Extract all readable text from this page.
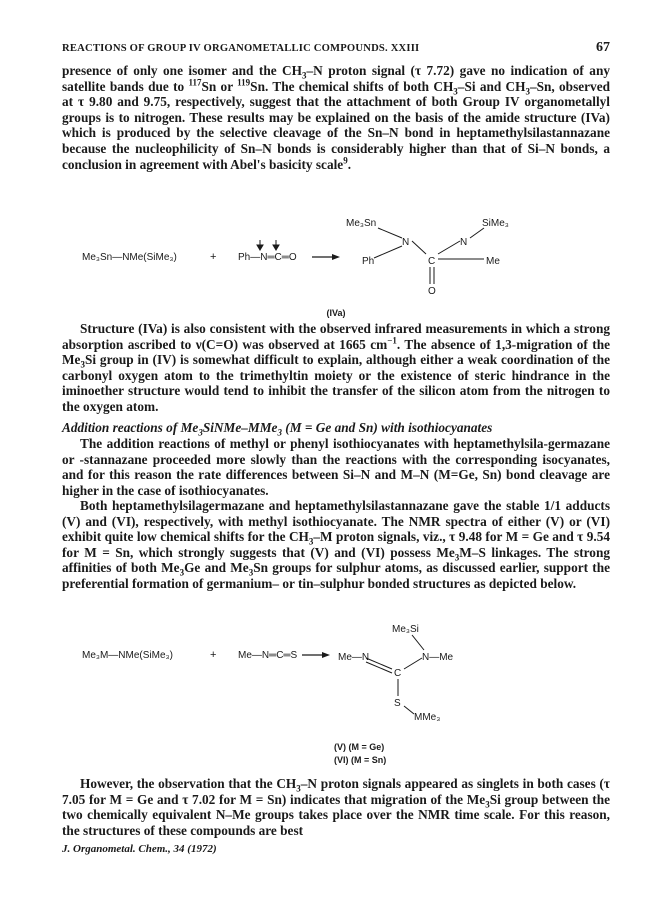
REACTIONS OF GROUP IV ORGANOMETALLIC COMPOUNDS. XXIII	67

presence of only one isomer and the $CH_3-N$ proton signal (τ 7.72) gave no indication of any satellite bands due to $^{117}$Sn or $^{119}$Sn. The chemical shifts of both $CH_3-Si$ and $CH_3-Sn$, observed at τ 9.80 and 9.75, respectively, suggest that the attachment of both Group IV organometallyl groups is to nitrogen. These results may be explained on the basis of the amide structure (IVa) which is produced by the selective cleavage of the Sn–N bond in heptamethylsilastannazane because the nucleophilicity of Sn–N bonds is considerably higher than that of Si–N bonds, a conclusion in agreement with Abel's basicity scale$^9$.

Me₃Sn—NMe(SiMe₃)	+ Ph—N═C═O
Me₃Sn	SiMe₃
N	N
Ph	C	Me
O
(IVa)

Structure (IVa) is also consistent with the observed infrared measurements in which a strong absorption ascribed to ν(C=O) was observed at 1665 $cm^{-1}$. The absence of 1,3-migration of the $Me_3Si$ group in (IV) is somewhat difficult to explain, although either a weak coordination of the carbonyl oxygen atom to the trimethyltin moiety or the existence of steric hindrance in the iminoether structure would tend to inhibit the transfer of the silicon atom from the nitrogen to the oxygen atom.

Addition reactions of $Me_3SiNMe-MMe_3$ (M = Ge and Sn) with isothiocyanates

The addition reactions of methyl or phenyl isothiocyanates with heptamethylsila-germazane or -stannazane proceeded more slowly than the reactions with the corresponding isocyanates, and for this reason the rate differences between Si–N and M–N (M=Ge, Sn) bond cleavage are higher in the case of isothiocyanates.

Both heptamethylsilagermazane and heptamethylsilastannazane gave the stable 1/1 adducts (V) and (VI), respectively, with methyl isothiocyanate. The NMR spectra of either (V) or (VI) exhibit quite low chemical shifts for the $CH_3-M$ proton signals, viz., τ 9.48 for M = Ge and τ 9.54 for M = Sn, which strongly suggests that (V) and (VI) possess $Me_3M-S$ linkages. The strong affinities of both $Me_3Ge$ and $Me_3Sn$ groups for sulphur atoms, as discussed earlier, support the preferential formation of germanium– or tin–sulphur bonded structures as depicted below.

Me₃M—NMe(SiMe₃)	+ Me—N═C═S
Me₃Si
Me—N
C
N—Me
S
MMe₃
(V) (M = Ge)
(VI) (M = Sn)

However, the observation that the $CH_3-N$ proton signals appeared as singlets in both cases (τ 7.05 for M = Ge and τ 7.02 for M = Sn) indicates that migration of the $Me_3Si$ group between the two chemically equivalent N–Me groups takes place over the NMR time scale. For this reason, the structures of these compounds are best

J. Organometal. Chem., 34 (1972)
